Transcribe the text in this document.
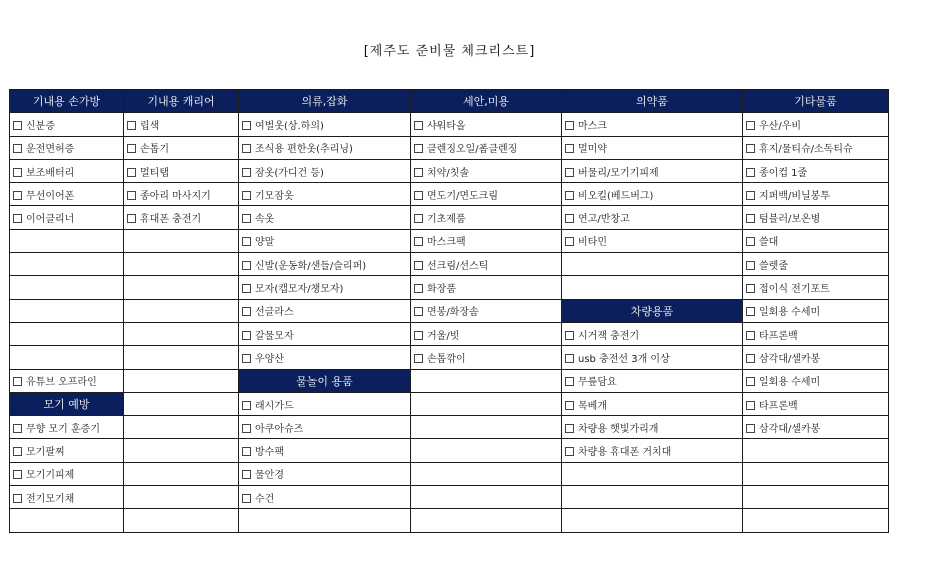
[제주도 준비물 체크리스트]
기내용 손가방	기내용 캐리어	의류,잡화	세안,미용	의약품	기타물품
신분증	립색	여벌옷(상.하의)	샤워타올	마스크	우산/우비
운전면허증	손톱기	조식용 편한옷(추리닝)	클렌징오일/폼클렌징	멀미약	휴지/물티슈/소독티슈
보조배터리	멀티탭	잠옷(가디건 등)	치약/칫솔	버물리/모기기피제	종이컵 1줄
무선이어폰	종아리 마사지기	기모잠옷	면도기/면도크림	비오킬(베드버그)	지퍼백/비닐봉투
이어클리너	휴대폰 충전기	속옷	기초제품	연고/반창고	텀블러/보온병
		양말	마스크팩	비타민	쓸대
		신발(운동화/샌들/슬리퍼)	선크림/선스틱		쓸렛줄
		모자(캡모자/챙모자)	화장품		접이식 전기포트
		선글라스	면봉/화장솜	차량용품	일회용 수세미
		갈물모자	거울/빗	시거잭 충전기	타프론백
		우양산	손톱깎이	usb 충전선 3개 이상	삼각대/셀카봉
유튜브 오프라인		물놀이 용품		무릎담요	일회용 수세미
모기 예방		래시가드		목베개	타프론백
무향 모기 훈증기		아쿠아슈즈		차량용 햇빛가리개	삼각대/셀카봉
모기팔찌		방수팩		차량용 휴대폰 거치대	
모기기피제		물안경			
전기모기채		수건			
